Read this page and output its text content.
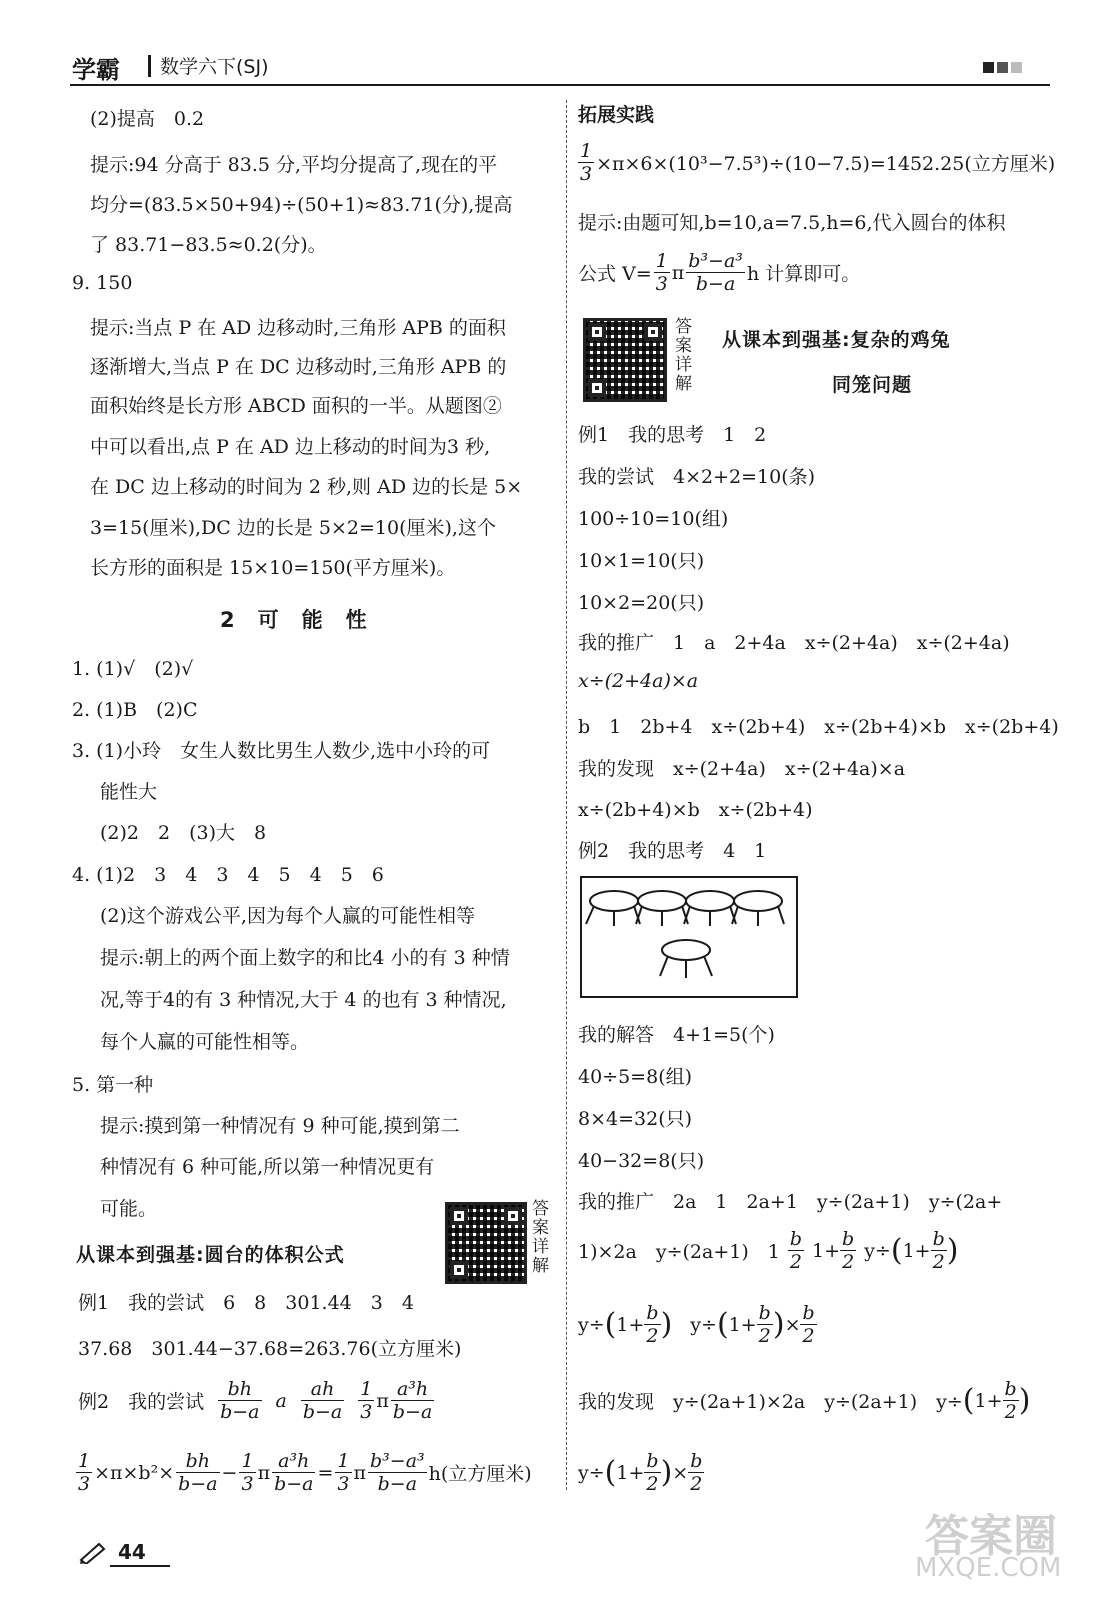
学霸 数学六下(SJ)
(2)提高　0.2
提示:94 分高于 83.5 分,平均分提高了,现在的平
均分=(83.5×50+94)÷(50+1)≈83.71(分),提高
了 83.71−83.5≈0.2(分)。
9. 150
提示:当点 P 在 AD 边移动时,三角形 APB 的面积
逐渐增大,当点 P 在 DC 边移动时,三角形 APB 的
面积始终是长方形 ABCD 面积的一半。从题图②
中可以看出,点 P 在 AD 边上移动的时间为3 秒,
在 DC 边上移动的时间为 2 秒,则 AD 边的长是 5×
3=15(厘米),DC 边的长是 5×2=10(厘米),这个
长方形的面积是 15×10=150(平方厘米)。
2　可　能　性
1. (1)√　(2)√
2. (1)B　(2)C
3. (1)小玲　女生人数比男生人数少,选中小玲的可
能性大
(2)2　2　(3)大　8
4. (1)2　3　4　3　4　5　4　5　6
(2)这个游戏公平,因为每个人赢的可能性相等
提示:朝上的两个面上数字的和比4 小的有 3 种情
况,等于4的有 3 种情况,大于 4 的也有 3 种情况,
每个人赢的可能性相等。
5. 第一种
提示:摸到第一种情况有 9 种可能,摸到第二
种情况有 6 种可能,所以第一种情况更有
可能。
从课本到强基:圆台的体积公式
答案详解
例1　我的尝试　6　8　301.44　3　4
37.68　301.44−37.68=263.76(立方厘米)
例2　我的尝试 $\frac{bh}{b-a}$ a $\frac{ah}{b-a} \frac{1}{3}$ π $\frac{\text{a³h}}{b-a}$
$\frac{1}{3} \times\pi\times b^2\times \frac{bh}{b-a} - \frac{1}{3}$ π $\frac{\text{a³h}}{b-a} = \frac{1}{3}$ π $\frac{\text{b³−a³}}{b-a} h$(立方厘米)
44
拓展实践
$\frac{1}{3} \times\pi\times 6\times(10^3-7.5^3)\div(10-7.5)=1452.25$(立方厘米)
提示:由题可知,b=10,a=7.5,h=6,代入圆台的体积
公式 $V= \frac{1}{3}$ π $\frac{\text{b³−a³}}{b-a}$ h 计算即可。
答案详解
从课本到强基:复杂的鸡兔
同笼问题
例1　我的思考　1　2
我的尝试　4×2+2=10(条)
100÷10=10(组)
10×1=10(只)
10×2=20(只)
我的推广　1　a　2+4a　x÷(2+4a)　x÷(2+4a)
x÷(2+4a)×a
b　1　2b+4　x÷(2b+4)　x÷(2b+4)×b　x÷(2b+4)
我的发现　x÷(2+4a)　x÷(2+4a)×a
x÷(2b+4)×b　x÷(2b+4)
例2　我的思考　4　1
我的解答　4+1=5(个)
40÷5=8(组)
8×4=32(只)
40−32=8(只)
我的推广　2a　1　2a+1　y÷(2a+1)　y÷(2a+
1)×2a　y÷(2a+1)　$1 \frac{b}{2} 1+ \frac{b}{2} y\div$ ( $1+ \frac{b}{2}$ )
y÷ ( $1+ \frac{b}{2}$ ) y÷ ( $1+ \frac{b}{2}$ ) × $\frac{b}{2}$
我的发现　y÷(2a+1)×2a　y÷(2a+1)　y÷ ( $1+ \frac{b}{2}$ )
y÷ ( $1+ \frac{b}{2}$ ) × $\frac{b}{2}$
答案圈
MXQE.COM
